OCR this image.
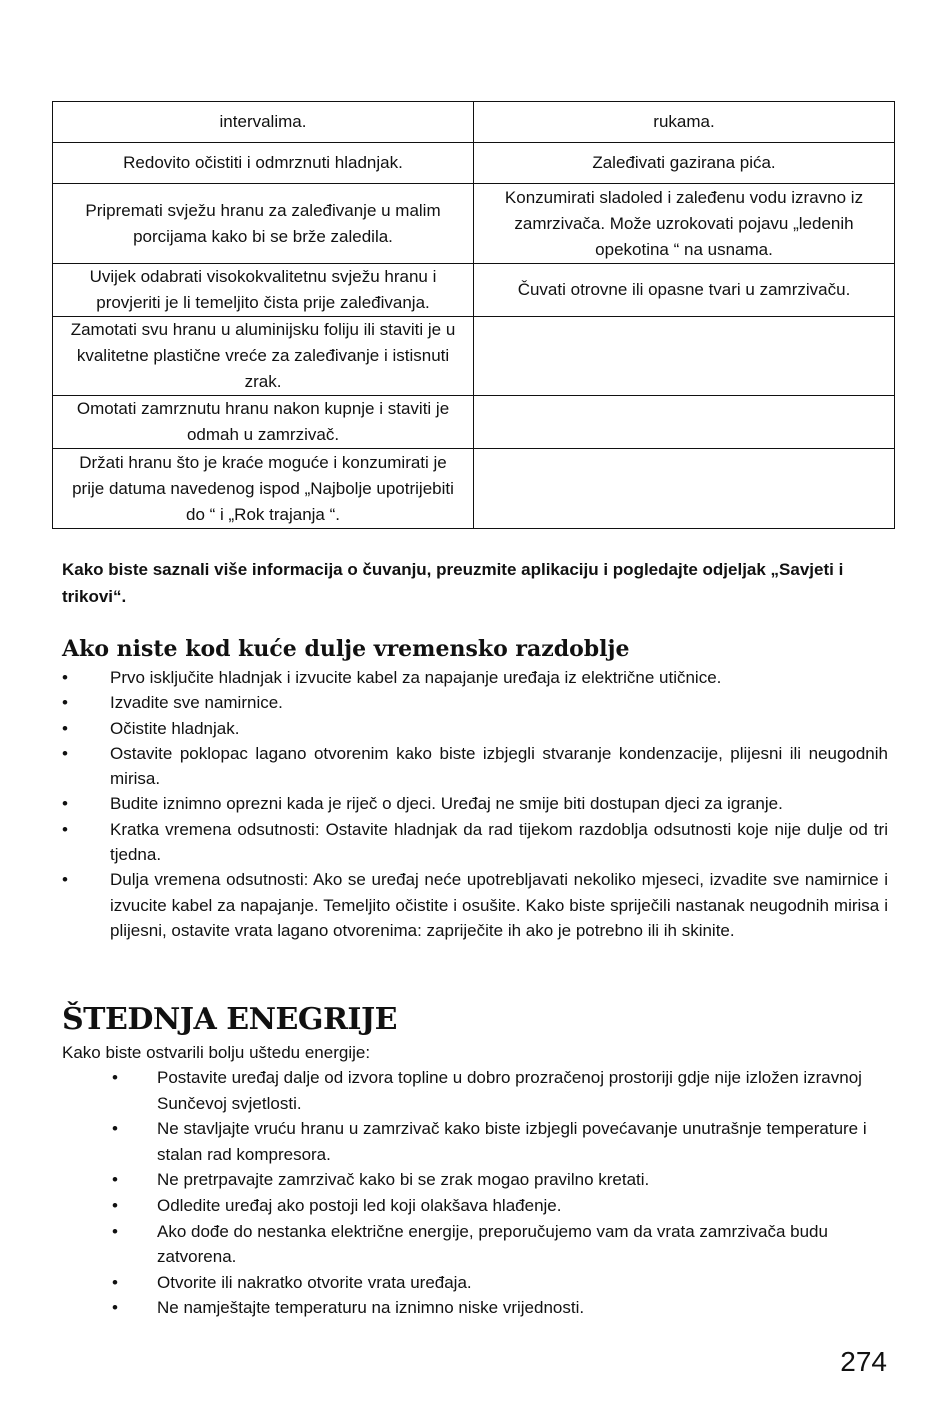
intervalima.	rukama.
Redovito očistiti i odmrznuti hladnjak.	Zaleđivati gazirana pića.
Pripremati svježu hranu za zaleđivanje u malim porcijama kako bi se brže zaledila.	Konzumirati sladoled i zaleđenu vodu izravno iz zamrzivača. Može uzrokovati pojavu „ledenih opekotina “ na usnama.
Uvijek odabrati visokokvalitetnu svježu hranu i provjeriti je li temeljito čista prije zaleđivanja.	Čuvati otrovne ili opasne tvari u zamrzivaču.
Zamotati svu hranu u aluminijsku foliju ili staviti je u kvalitetne plastične vreće za zaleđivanje i istisnuti zrak.	
Omotati zamrznutu hranu nakon kupnje i staviti je odmah u zamrzivač.	
Držati hranu što je kraće moguće i konzumirati je prije datuma navedenog ispod „Najbolje upotrijebiti do “ i „Rok trajanja “.	

Kako biste saznali više informacija o čuvanju, preuzmite aplikaciju i pogledajte odjeljak „Savjeti i trikovi“.

Ako niste kod kuće dulje vremensko razdoblje
• Prvo isključite hladnjak i izvucite kabel za napajanje uređaja iz električne utičnice.
• Izvadite sve namirnice.
• Očistite hladnjak.
• Ostavite poklopac lagano otvorenim kako biste izbjegli stvaranje kondenzacije, plijesni ili neugodnih mirisa.
• Budite iznimno oprezni kada je riječ o djeci. Uređaj ne smije biti dostupan djeci za igranje.
• Kratka vremena odsutnosti: Ostavite hladnjak da rad tijekom razdoblja odsutnosti koje nije dulje od tri tjedna.
• Dulja vremena odsutnosti: Ako se uređaj neće upotrebljavati nekoliko mjeseci, izvadite sve namirnice i izvucite kabel za napajanje. Temeljito očistite i osušite. Kako biste spriječili nastanak neugodnih mirisa i plijesni, ostavite vrata lagano otvorenima: zapriječite ih ako je potrebno ili ih skinite.
ŠTEDNJA ENEGRIJE
Kako biste ostvarili bolju uštedu energije:
• Postavite uređaj dalje od izvora topline u dobro prozračenoj prostoriji gdje nije izložen izravnoj Sunčevoj svjetlosti.
• Ne stavljajte vruću hranu u zamrzivač kako biste izbjegli povećavanje unutrašnje temperature i stalan rad kompresora.
• Ne pretrpavajte zamrzivač kako bi se zrak mogao pravilno kretati.
• Odledite uređaj ako postoji led koji olakšava hlađenje.
• Ako dođe do nestanka električne energije, preporučujemo vam da vrata zamrzivača budu zatvorena.
• Otvorite ili nakratko otvorite vrata uređaja.
• Ne namještajte temperaturu na iznimno niske vrijednosti.
274
